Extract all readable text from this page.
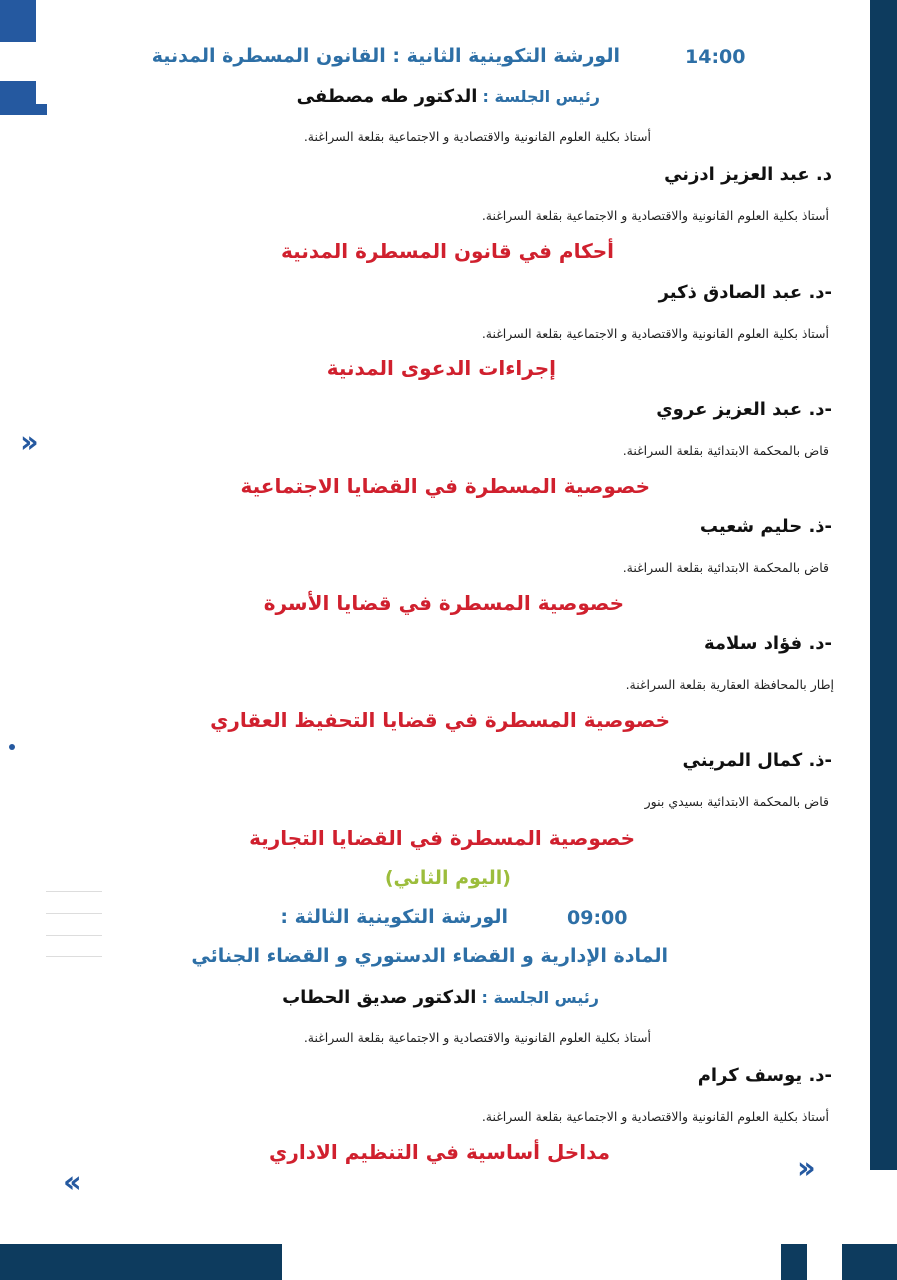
››
‹‹	››
14:00
الورشة التكوينية الثانية : القانون المسطرة المدنية
رئيس الجلسة : الدكتور طه مصطفى
أستاذ بكلية العلوم القانونية والاقتصادية و الاجتماعية بقلعة السراغنة.
د. عبد العزيز ادزني
أستاذ بكلية العلوم القانونية والاقتصادية و الاجتماعية بقلعة السراغنة.
أحكام في قانون المسطرة المدنية
-د. عبد الصادق ذكير
أستاذ بكلية العلوم القانونية والاقتصادية و الاجتماعية بقلعة السراغنة.
إجراءات الدعوى المدنية
-د. عبد العزيز عروي
قاض بالمحكمة الابتدائية بقلعة السراغنة.
خصوصية المسطرة في القضايا الاجتماعية
-ذ. حليم شعيب
قاض بالمحكمة الابتدائية بقلعة السراغنة.
خصوصية المسطرة في قضايا الأسرة
-د. فؤاد سلامة
إطار بالمحافظة العقارية بقلعة السراغنة.
خصوصية المسطرة في قضايا التحفيظ العقاري
-ذ. كمال المريني
قاض بالمحكمة الابتدائية بسيدي بنور
خصوصية المسطرة في القضايا التجارية
(اليوم الثاني)
09:00
الورشة التكوينية الثالثة :
المادة الإدارية و القضاء الدستوري و القضاء الجنائي
رئيس الجلسة : الدكتور صديق الحطاب
أستاذ بكلية العلوم القانونية والاقتصادية و الاجتماعية بقلعة السراغنة.
-د. يوسف كرام
أستاذ بكلية العلوم القانونية والاقتصادية و الاجتماعية بقلعة السراغنة.
مداخل أساسية في التنظيم الاداري
